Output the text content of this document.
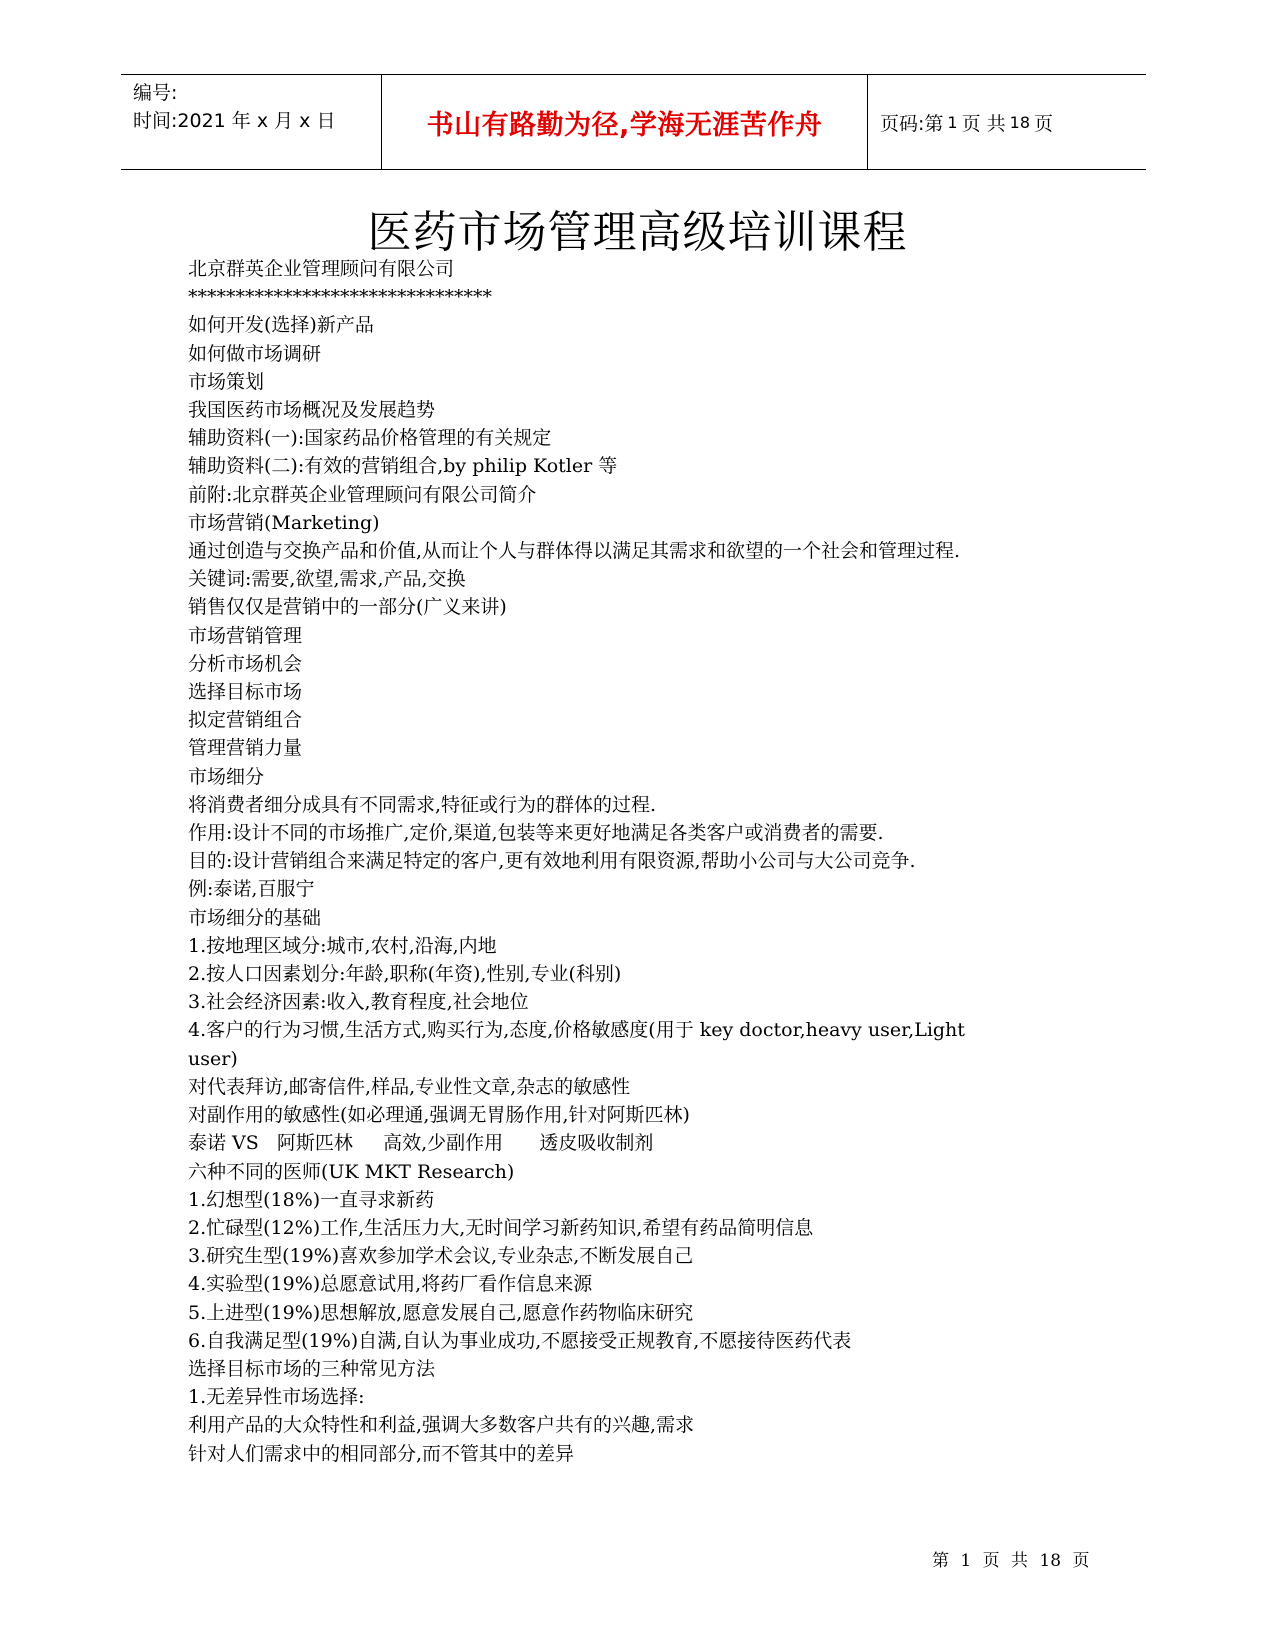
编号:
时间:2021 年 x 月 x 日	书山有路勤为径,学海无涯苦作舟	页码:第 1 页 共 18 页
医药市场管理高级培训课程
北京群英企业管理顾问有限公司
********************************
如何开发(选择)新产品
如何做市场调研
市场策划
我国医药市场概况及发展趋势
辅助资料(一):国家药品价格管理的有关规定
辅助资料(二):有效的营销组合,by philip Kotler 等
前附:北京群英企业管理顾问有限公司简介
市场营销(Marketing)
通过创造与交换产品和价值,从而让个人与群体得以满足其需求和欲望的一个社会和管理过程.
关键词:需要,欲望,需求,产品,交换
销售仅仅是营销中的一部分(广义来讲)
市场营销管理
分析市场机会
选择目标市场
拟定营销组合
管理营销力量
市场细分
将消费者细分成具有不同需求,特征或行为的群体的过程.
作用:设计不同的市场推广,定价,渠道,包装等来更好地满足各类客户或消费者的需要.
目的:设计营销组合来满足特定的客户,更有效地利用有限资源,帮助小公司与大公司竞争.
例:泰诺,百服宁
市场细分的基础
1.按地理区域分:城市,农村,沿海,内地
2.按人口因素划分:年龄,职称(年资),性别,专业(科别)
3.社会经济因素:收入,教育程度,社会地位
4.客户的行为习惯,生活方式,购买行为,态度,价格敏感度(用于 key doctor,heavy user,Light
user)
对代表拜访,邮寄信件,样品,专业性文章,杂志的敏感性
对副作用的敏感性(如必理通,强调无胃肠作用,针对阿斯匹林)
泰诺 VS   阿斯匹林     高效,少副作用      透皮吸收制剂
六种不同的医师(UK MKT Research)
1.幻想型(18%)一直寻求新药
2.忙碌型(12%)工作,生活压力大,无时间学习新药知识,希望有药品简明信息
3.研究生型(19%)喜欢参加学术会议,专业杂志,不断发展自己
4.实验型(19%)总愿意试用,将药厂看作信息来源
5.上进型(19%)思想解放,愿意发展自己,愿意作药物临床研究
6.自我满足型(19%)自满,自认为事业成功,不愿接受正规教育,不愿接待医药代表
选择目标市场的三种常见方法
1.无差异性市场选择:
利用产品的大众特性和利益,强调大多数客户共有的兴趣,需求
针对人们需求中的相同部分,而不管其中的差异
第 1 页 共 18 页
